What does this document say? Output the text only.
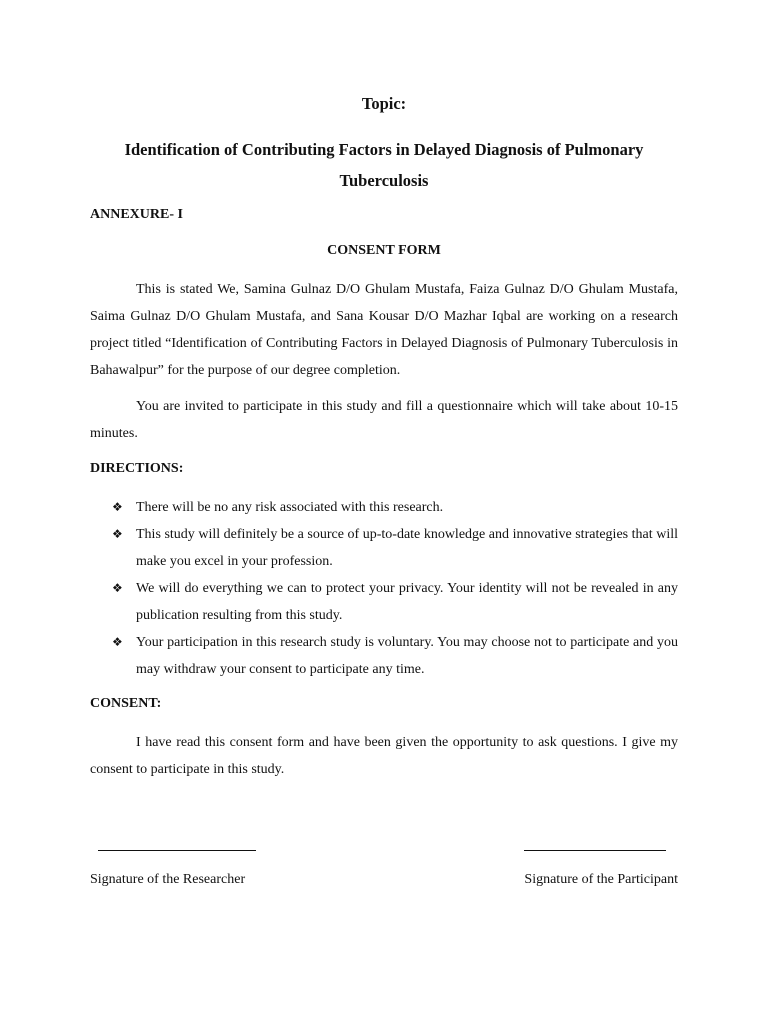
Topic:

Identification of Contributing Factors in Delayed Diagnosis of Pulmonary Tuberculosis

ANNEXURE- I

CONSENT FORM

This is stated We, Samina Gulnaz D/O Ghulam Mustafa, Faiza Gulnaz D/O Ghulam Mustafa, Saima Gulnaz D/O Ghulam Mustafa, and Sana Kousar D/O Mazhar Iqbal are working on a research project titled “Identification of Contributing Factors in Delayed Diagnosis of Pulmonary Tuberculosis in Bahawalpur” for the purpose of our degree completion.

You are invited to participate in this study and fill a questionnaire which will take about 10-15 minutes.

DIRECTIONS:

❖ There will be no any risk associated with this research.
❖ This study will definitely be a source of up-to-date knowledge and innovative strategies that will make you excel in your profession.
❖ We will do everything we can to protect your privacy. Your identity will not be revealed in any publication resulting from this study.
❖ Your participation in this research study is voluntary. You may choose not to participate and you may withdraw your consent to participate any time.

CONSENT:

I have read this consent form and have been given the opportunity to ask questions. I give my consent to participate in this study.

Signature of the Researcher	Signature of the Participant
